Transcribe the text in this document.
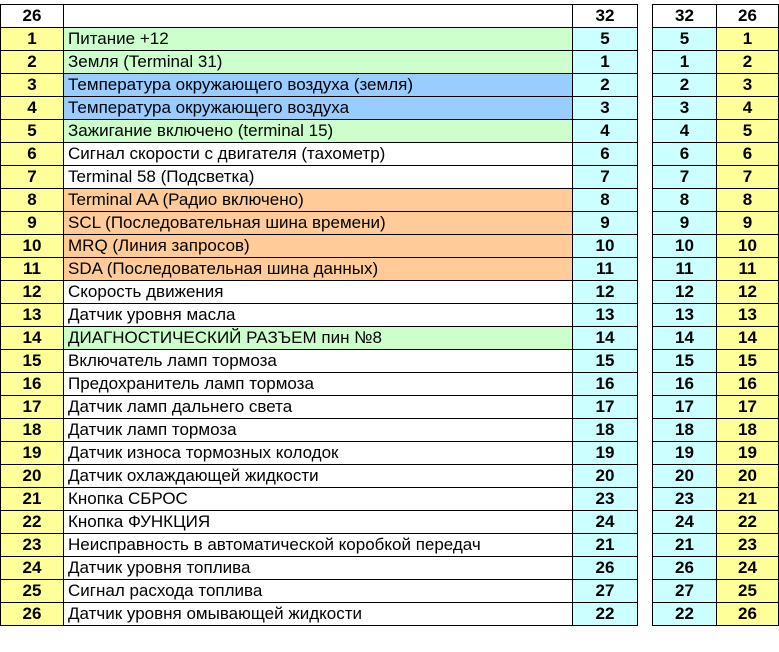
26		32
1	Питание +12	5
2	Земля (Terminal 31)	1
3	Температура окружающего воздуха (земля)	2
4	Температура окружающего воздуха	3
5	Зажигание включено (terminal 15)	4
6	Сигнал скорости с двигателя (тахометр)	6
7	Terminal 58 (Подсветка)	7
8	Terminal AA (Радио включено)	8
9	SCL (Последовательная шина времени)	9
10	MRQ (Линия запросов)	10
11	SDA (Последовательная шина данных)	11
12	Скорость движения	12
13	Датчик уровня масла	13
14	ДИАГНОСТИЧЕСКИЙ РАЗЪЕМ пин №8	14
15	Включатель ламп тормоза	15
16	Предохранитель ламп тормоза	16
17	Датчик ламп дальнего света	17
18	Датчик ламп тормоза	18
19	Датчик износа тормозных колодок	19
20	Датчик охлаждающей жидкости	20
21	Кнопка СБРОС	23
22	Кнопка ФУНКЦИЯ	24
23	Неисправность в автоматической коробкой передач	21
24	Датчик уровня топлива	26
25	Сигнал расхода топлива	27
26	Датчик уровня омывающей жидкости	22
32	26
5	1
1	2
2	3
3	4
4	5
6	6
7	7
8	8
9	9
10	10
11	11
12	12
13	13
14	14
15	15
16	16
17	17
18	18
19	19
20	20
23	21
24	22
21	23
26	24
27	25
22	26
